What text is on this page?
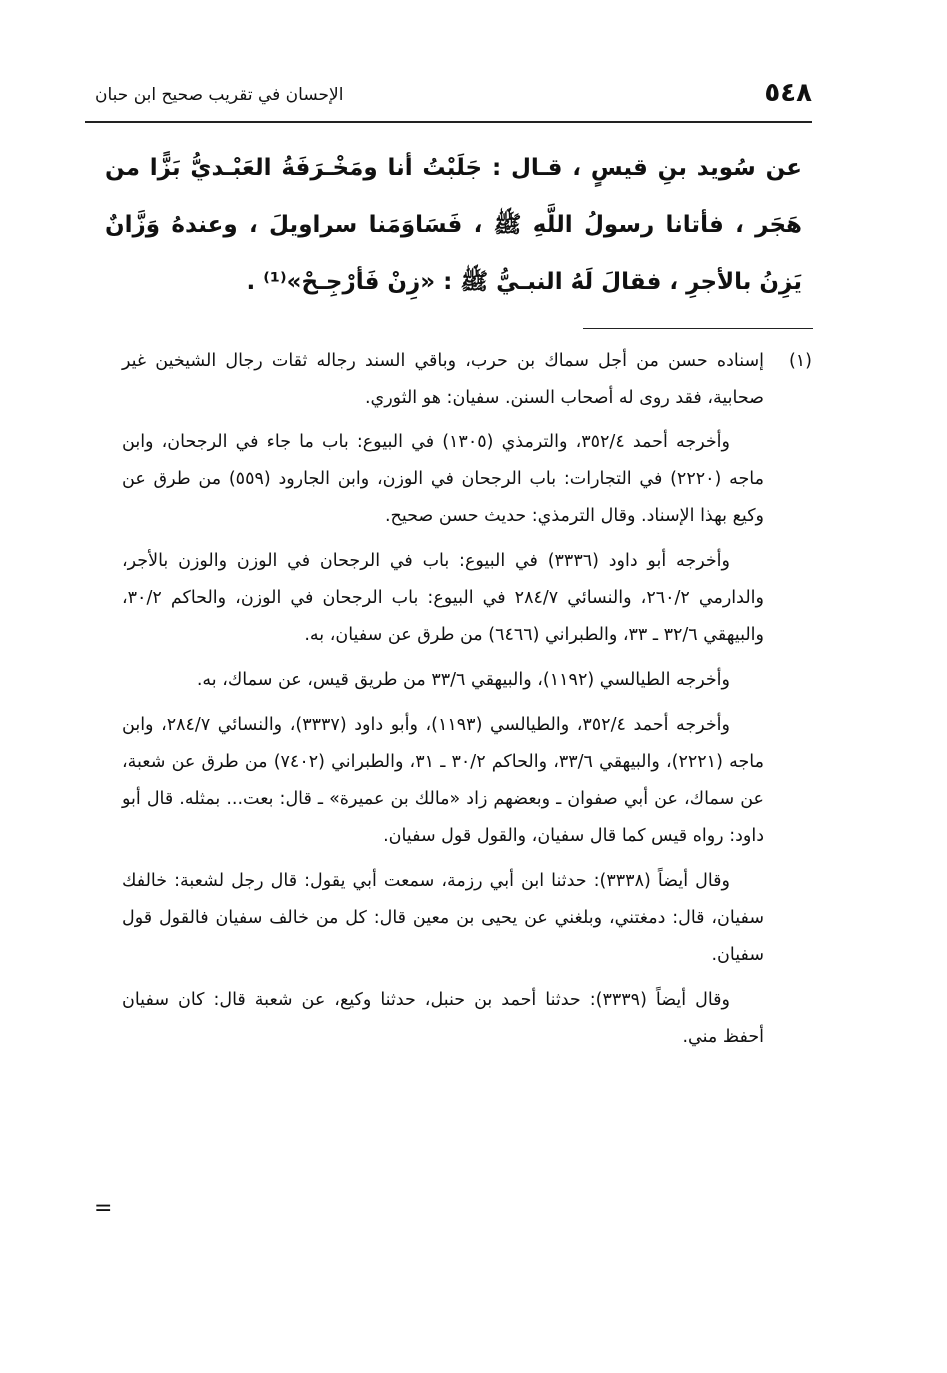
٥٤٨
الإحسان في تقريب صحيح ابن حبان

عن سُويد بنِ قيسٍ ، قـال : جَلَبْتُ أنا ومَخْـرَفَةُ العَبْـديُّ بَزًّا من هَجَر ، فأتانا رسولُ اللَّهِ ﷺ ، فَسَاوَمَنا سراويلَ ، وعندهُ وَزَّانٌ يَزِنُ بالأجرِ ، فقالَ لَهُ النبـيُّ ﷺ : «زِنْ فَأرْجِـحْ»⁽¹⁾ .

(١)
إسناده حسن من أجل سماك بن حرب، وباقي السند رجاله ثقات رجال الشيخين غير صحابية، فقد روى له أصحاب السنن. سفيان: هو الثوري.

وأخرجه أحمد ٣٥٢/٤، والترمذي (١٣٠٥) في البيوع: باب ما جاء في الرجحان، وابن ماجه (٢٢٢٠) في التجارات: باب الرجحان في الوزن، وابن الجارود (٥٥٩) من طرق عن وكيع بهذا الإسناد. وقال الترمذي: حديث حسن صحيح.

وأخرجه أبو داود (٣٣٣٦) في البيوع: باب في الرجحان في الوزن والوزن بالأجر، والدارمي ٢٦٠/٢، والنسائي ٢٨٤/٧ في البيوع: باب الرجحان في الوزن، والحاكم ٣٠/٢، والبيهقي ٣٢/٦ ـ ٣٣، والطبراني (٦٤٦٦) من طرق عن سفيان، به.

وأخرجه الطيالسي (١١٩٢)، والبيهقي ٣٣/٦ من طريق قيس، عن سماك، به.

وأخرجه أحمد ٣٥٢/٤، والطيالسي (١١٩٣)، وأبو داود (٣٣٣٧)، والنسائي ٢٨٤/٧، وابن ماجه (٢٢٢١)، والبيهقي ٣٣/٦، والحاكم ٣٠/٢ ـ ٣١، والطبراني (٧٤٠٢) من طرق عن شعبة، عن سماك، عن أبي صفوان ـ وبعضهم زاد «مالك بن عميرة» ـ قال: بعت... بمثله. قال أبو داود: رواه قيس كما قال سفيان، والقول قول سفيان.

وقال أيضاً (٣٣٣٨): حدثنا ابن أبي رزمة، سمعت أبي يقول: قال رجل لشعبة: خالفك سفيان، قال: دمغتني، وبلغني عن يحيى بن معين قال: كل من خالف سفيان فالقول قول سفيان.

وقال أيضاً (٣٣٣٩): حدثنا أحمد بن حنبل، حدثنا وكيع، عن شعبة قال: كان سفيان أحفظ مني.

=
